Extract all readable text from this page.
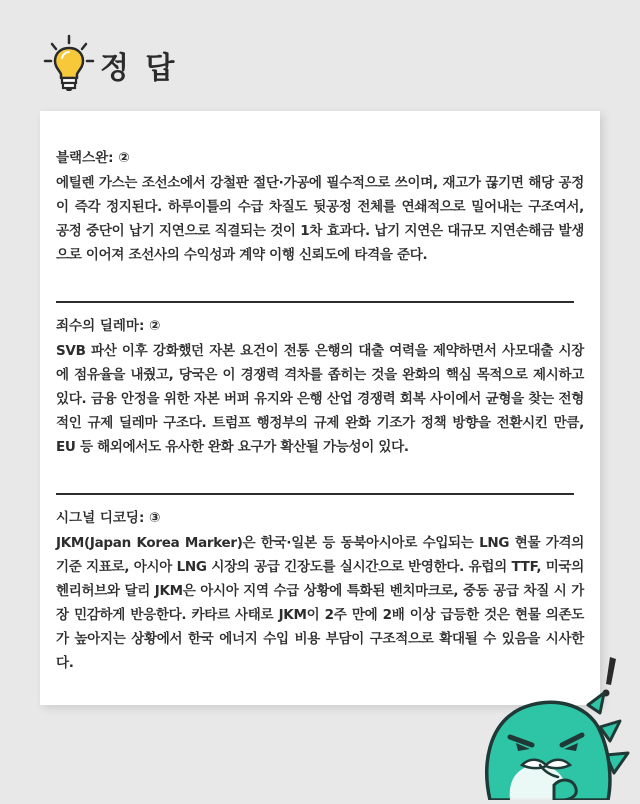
정 답
블랙스완: ②
에틸렌 가스는 조선소에서 강철판 절단·가공에 필수적으로 쓰이며, 재고가 끊기면 해당 공정이 즉각 정지된다. 하루이틀의 수급 차질도 뒷공정 전체를 연쇄적으로 밀어내는 구조여서, 공정 중단이 납기 지연으로 직결되는 것이 1차 효과다. 납기 지연은 대규모 지연손해금 발생으로 이어져 조선사의 수익성과 계약 이행 신뢰도에 타격을 준다.
죄수의 딜레마: ②
SVB 파산 이후 강화했던 자본 요건이 전통 은행의 대출 여력을 제약하면서 사모대출 시장에 점유율을 내줬고, 당국은 이 경쟁력 격차를 좁히는 것을 완화의 핵심 목적으로 제시하고 있다. 금융 안정을 위한 자본 버퍼 유지와 은행 산업 경쟁력 회복 사이에서 균형을 찾는 전형적인 규제 딜레마 구조다. 트럼프 행정부의 규제 완화 기조가 정책 방향을 전환시킨 만큼, EU 등 해외에서도 유사한 완화 요구가 확산될 가능성이 있다.
시그널 디코딩: ③
JKM(Japan Korea Marker)은 한국·일본 등 동북아시아로 수입되는 LNG 현물 가격의 기준 지표로, 아시아 LNG 시장의 공급 긴장도를 실시간으로 반영한다. 유럽의 TTF, 미국의 헨리허브와 달리 JKM은 아시아 지역 수급 상황에 특화된 벤치마크로, 중동 공급 차질 시 가장 민감하게 반응한다. 카타르 사태로 JKM이 2주 만에 2배 이상 급등한 것은 현물 의존도가 높아지는 상황에서 한국 에너지 수입 비용 부담이 구조적으로 확대될 수 있음을 시사한다.
